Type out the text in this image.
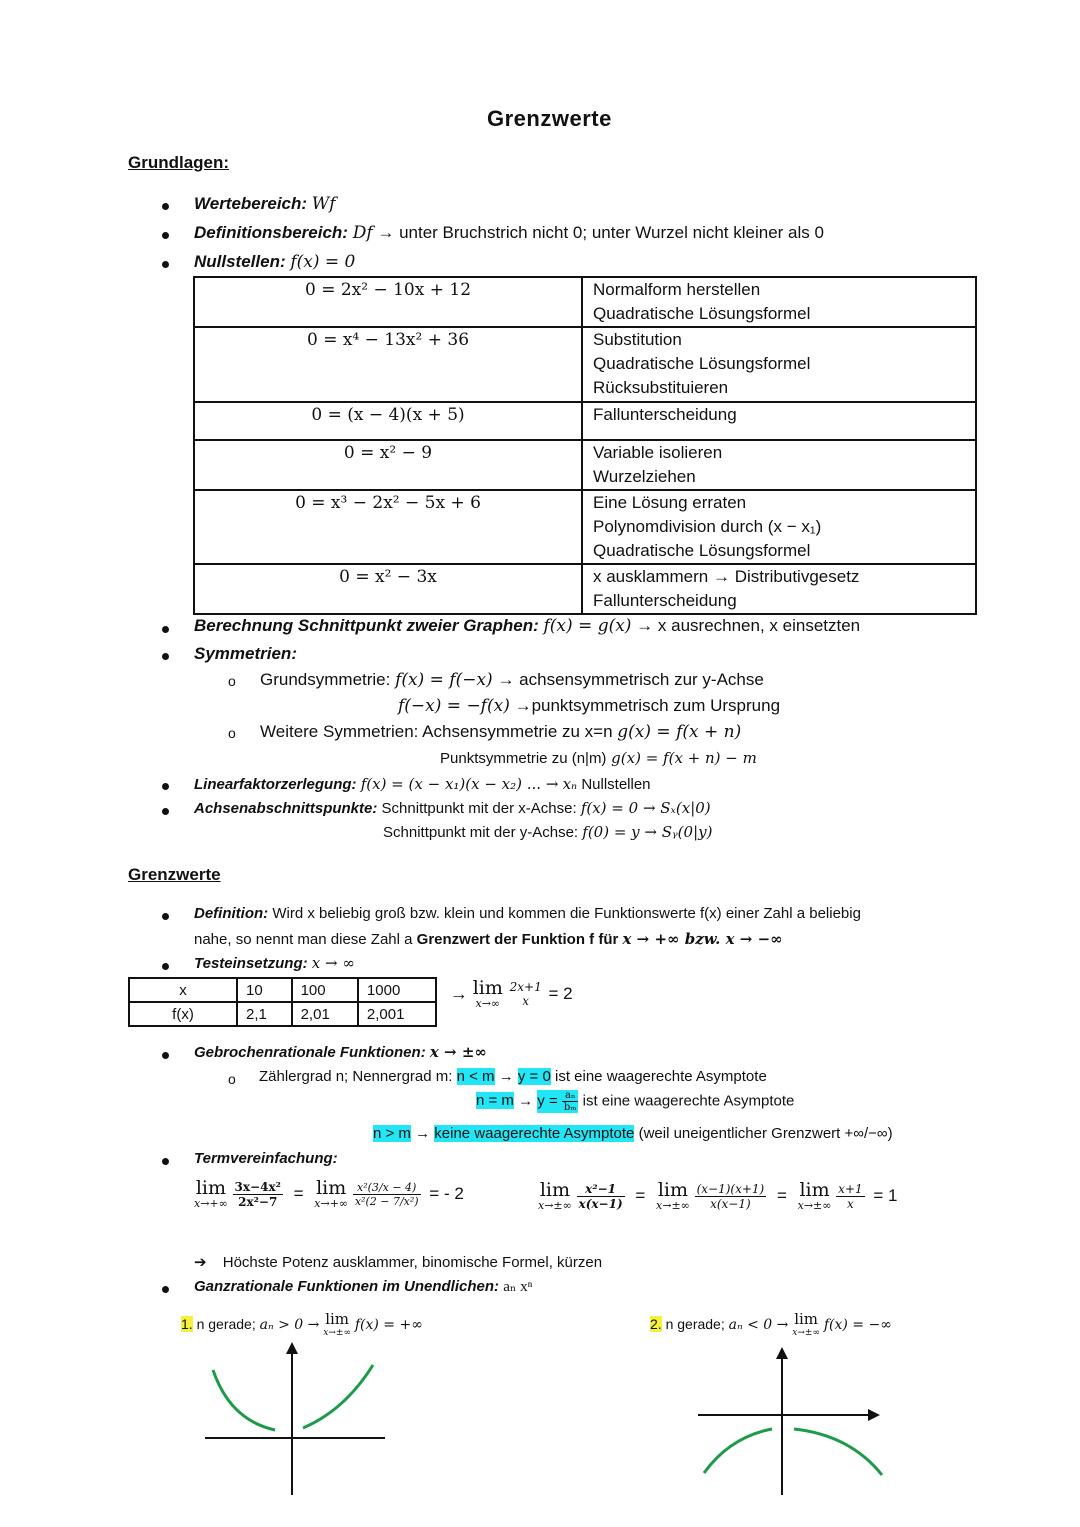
Grenzwerte
Grundlagen:
Wertebereich: Wf
Definitionsbereich: Df → unter Bruchstrich nicht 0; unter Wurzel nicht kleiner als 0
Nullstellen: f(x) = 0
0 = 2x² − 10x + 12	Normalform herstellen
Quadratische Lösungsformel

0 = x⁴ − 13x² + 36	Substitution
Quadratische Lösungsformel
Rücksubstituieren

0 = (x − 4)(x + 5)	Fallunterscheidung

0 = x² − 9	Variable isolieren
Wurzelziehen

0 = x³ − 2x² − 5x + 6	Eine Lösung erraten
Polynomdivision durch (x − x₁)
Quadratische Lösungsformel

0 = x² − 3x	x ausklammern → Distributivgesetz
Fallunterscheidung
Berechnung Schnittpunkt zweier Graphen: f(x) = g(x) → x ausrechnen, x einsetzten
Symmetrien:
o Grundsymmetrie: f(x) = f(−x) → achsensymmetrisch zur y-Achse
f(−x) = −f(x) →punktsymmetrisch zum Ursprung
o Weitere Symmetrien: Achsensymmetrie zu x=n g(x) = f(x + n)
Punktsymmetrie zu (n|m) g(x) = f(x + n) − m
Linearfaktorzerlegung: f(x) = (x − x₁)(x − x₂) ... → xₙ Nullstellen
Achsenabschnittspunkte: Schnittpunkt mit der x-Achse: f(x) = 0 → Sₓ(x|0)
Schnittpunkt mit der y-Achse: f(0) = y → Sᵧ(0|y)
Grenzwerte
Definition: Wird x beliebig groß bzw. klein und kommen die Funktionswerte f(x) einer Zahl a beliebig
nahe, so nennt man diese Zahl a Grenzwert der Funktion f für x → +∞ bzw. x → −∞
Testeinsetzung: x → ∞
x	10	100	1000
f(x)	2,1	2,01	2,001
→ lim
x→∞

2x+1
x	= 2
Gebrochenrationale Funktionen: x → ±∞
o Zählergrad n; Nennergrad m: n < m → y = 0 ist eine waagerechte Asymptote
$n = m \to y = \frac{\text{aₙ}}{\text{bₘ}}$ ist eine waagerechte Asymptote
n > m → keine waagerechte Asymptote (weil uneigentlicher Grenzwert +∞/−∞)
Termvereinfachung:
lim
x→+∞
$\frac{\text{3x−4x²}}{\text{2x²−7}} = \lim$
x→+∞
$\frac{\text{x²(3/x − 4)}}{\text{x²(2 − 7/x²)}}$ = - 2	lim
x→±∞
$\frac{\text{x²−1}}{x(x-1)} = \lim$
x→±∞
$\frac{(x-1)(x+1)}{x(x-1)} = \lim$
x→±∞
$\frac{x+1}{x} = 1$
➔ Höchste Potenz ausklammer, binomische Formel, kürzen
Ganzrationale Funktionen im Unendlichen: aₙ xⁿ
1. n gerade; aₙ > 0 → lim
x→±∞ f(x) = +∞	2. n gerade; aₙ < 0 → lim
x→±∞ f(x) = −∞
